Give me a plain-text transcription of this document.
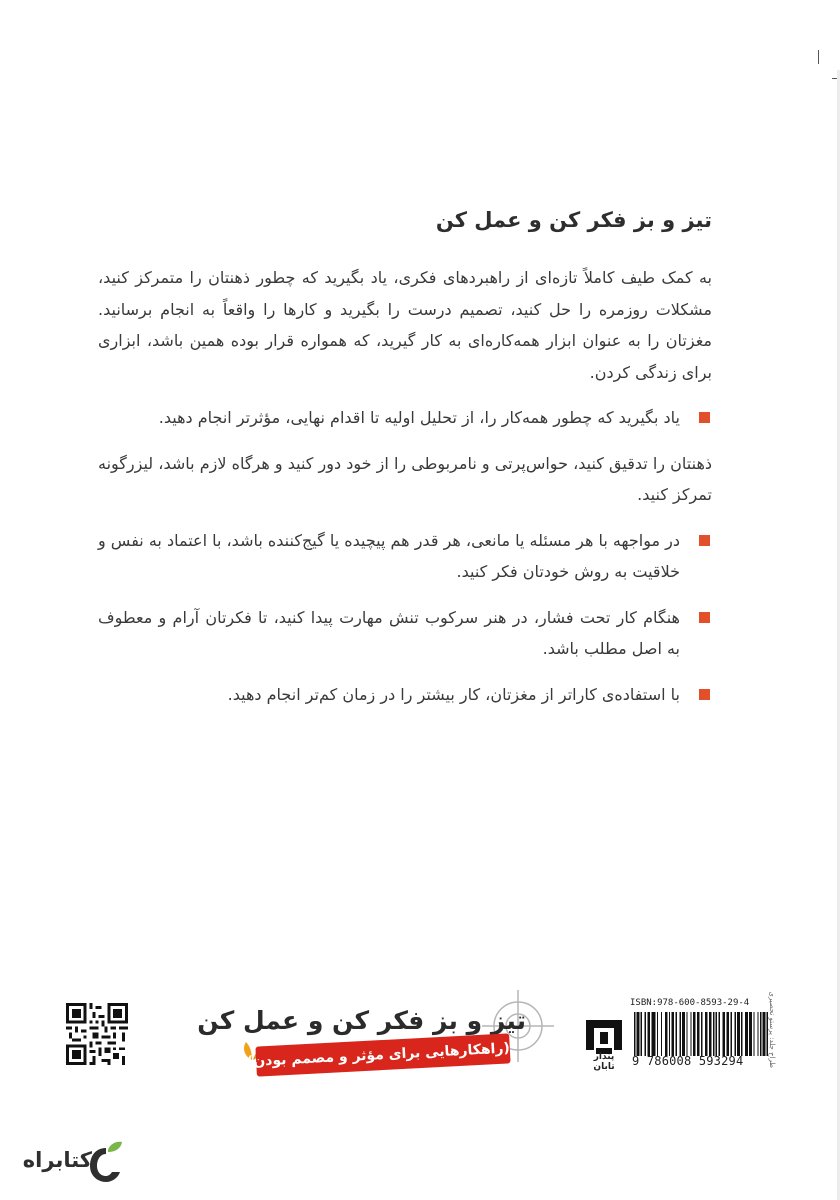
تیز و بز فکر کن و عمل کن

به کمک طیف کاملاً تازه‌ای از راهبردهای فکری، یاد بگیرید که چطور ذهنتان را متمرکز کنید، مشکلات روزمره را حل کنید، تصمیم درست را بگیرید و کارها را واقعاً به انجام برسانید. مغزتان را به عنوان ابزار همه‌کاره‌ای به کار گیرید، که همواره قرار بوده همین باشد، ابزاری برای زندگی کردن.

یاد بگیرید که چطور همه‌کار را، از تحلیل اولیه تا اقدام نهایی، مؤثرتر انجام دهید.

ذهنتان را تدقیق کنید، حواس‌پرتی و نامربوطی را از خود دور کنید و هرگاه لازم باشد، لیزرگونه تمرکز کنید.

در مواجهه با هر مسئله یا مانعی، هر قدر هم پیچیده یا گیج‌کننده باشد، با اعتماد به نفس و خلاقیت به روش خودتان فکر کنید.

هنگام کار تحت فشار، در هنر سرکوب تنش مهارت پیدا کنید، تا فکرتان آرام و معطوف به اصل مطلب باشد.

با استفاده‌ی کاراتر از مغزتان، کار بیشتر را در زمان کم‌تر انجام دهید.

تیز و بز فکر کن و عمل کن
(راهکارهایی برای مؤثر و مصمم بودن)	پندار تابان
ISBN:978-600-8593-29-4
9 786008 593294	طراح جلد: پرستو تحصیری
کتابراه
